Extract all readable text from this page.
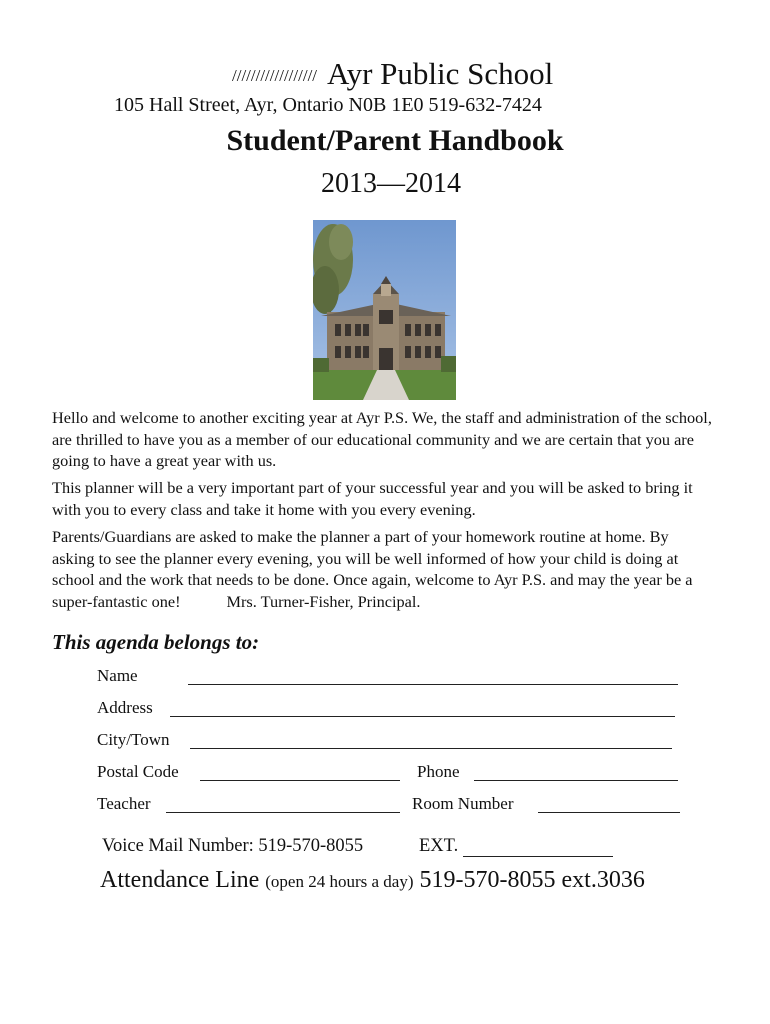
////////////////// Ayr Public School
105 Hall Street, Ayr, Ontario N0B 1E0 519-632-7424
Student/Parent Handbook
2013—2014
Hello and welcome to another exciting year at Ayr P.S. We, the staff and administration of the school, are thrilled to have you as a member of our educational community and we are certain that you are going to have a great year with us.
This planner will be a very important part of your successful year and you will be asked to bring it with you to every class and take it home with you every evening.
Parents/Guardians are asked to make the planner a part of your homework routine at home. By asking to see the planner every evening, you will be well informed of how your child is doing at school and the work that needs to be done. Once again, welcome to Ayr P.S. and may the year be a super-fantastic one!	Mrs. Turner-Fisher, Principal.
This agenda belongs to:
Name
Address
City/Town
Postal Code	Phone
Teacher	Room Number
Voice Mail Number: 519-570-8055	EXT.
Attendance Line (open 24 hours a day) 519-570-8055 ext.3036
